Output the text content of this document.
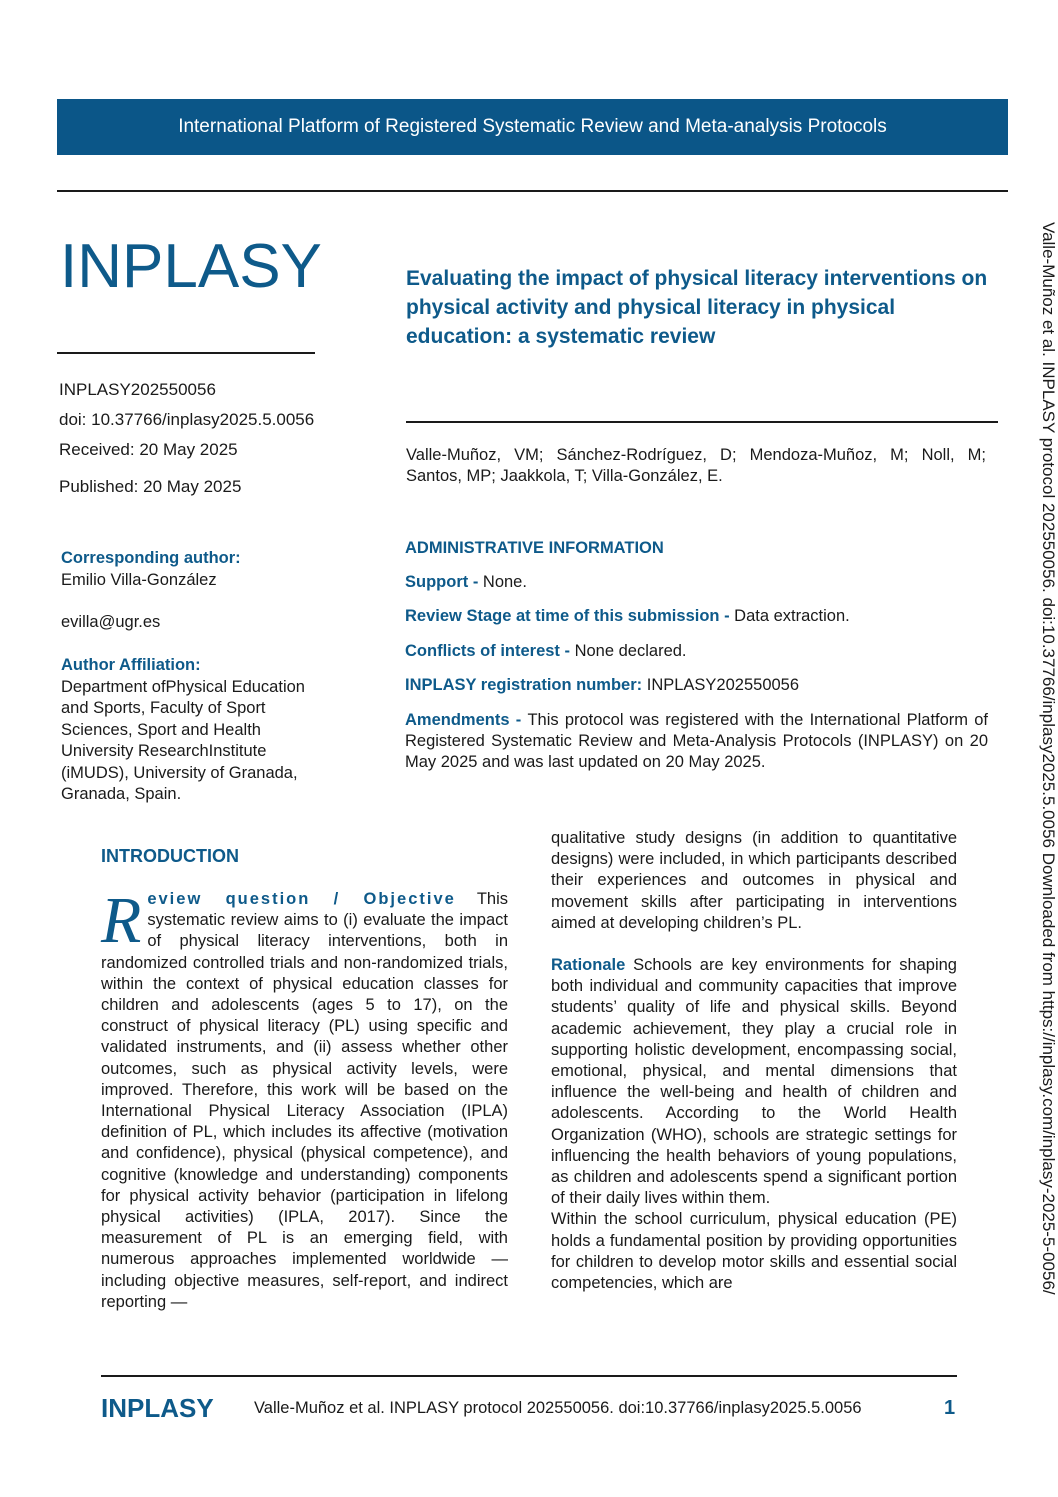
International Platform of Registered Systematic Review and Meta-analysis Protocols
INPLASY	Evaluating the impact of physical literacy interventions on physical activity and physical literacy in physical education: a systematic review
INPLASY202550056
doi: 10.37766/inplasy2025.5.0056
Received: 20 May 2025
Published: 20 May 2025
Valle-Muñoz, VM; Sánchez-Rodríguez, D; Mendoza-Muñoz, M; Noll, M; Santos, MP; Jaakkola, T; Villa-González, E.
Corresponding author:
Emilio Villa-González
evilla@ugr.es
Author Affiliation:
Department ofPhysical Education and Sports, Faculty of Sport Sciences, Sport and Health University ResearchInstitute (iMUDS), University of Granada, Granada, Spain.
ADMINISTRATIVE INFORMATION
Support - None.
Review Stage at time of this submission - Data extraction.
Conflicts of interest - None declared.
INPLASY registration number: INPLASY202550056
Amendments - This protocol was registered with the International Platform of Registered Systematic Review and Meta-Analysis Protocols (INPLASY) on 20 May 2025 and was last updated on 20 May 2025.
INTRODUCTION
Review question / Objective This systematic review aims to (i) evaluate the impact of physical literacy interventions, both in randomized controlled trials and non-randomized trials, within the context of physical education classes for children and adolescents (ages 5 to 17), on the construct of physical literacy (PL) using specific and validated instruments, and (ii) assess whether other outcomes, such as physical activity levels, were improved. Therefore, this work will be based on the International Physical Literacy Association (IPLA) definition of PL, which includes its affective (motivation and confidence), physical (physical competence), and cognitive (knowledge and understanding) components for physical activity behavior (participation in lifelong physical activities) (IPLA, 2017). Since the measurement of PL is an emerging field, with numerous approaches implemented worldwide — including objective measures, self-report, and indirect reporting —

qualitative study designs (in addition to quantitative designs) were included, in which participants described their experiences and outcomes in physical and movement skills after participating in interventions aimed at developing children’s PL.

Rationale Schools are key environments for shaping both individual and community capacities that improve students’ quality of life and physical skills. Beyond academic achievement, they play a crucial role in supporting holistic development, encompassing social, emotional, physical, and mental dimensions that influence the well-being and health of children and adolescents. According to the World Health Organization (WHO), schools are strategic settings for influencing the health behaviors of young populations, as children and adolescents spend a significant portion of their daily lives within them.

Within the school curriculum, physical education (PE) holds a fundamental position by providing opportunities for children to develop motor skills and essential social competencies, which are

INPLASY Valle-Muñoz et al. INPLASY protocol 202550056. doi:10.37766/inplasy2025.5.0056	1
Valle-Muñoz et al. INPLASY protocol 202550056. doi:10.37766/inplasy2025.5.0056 Downloaded from https://inplasy.com/inplasy-2025-5-0056/
